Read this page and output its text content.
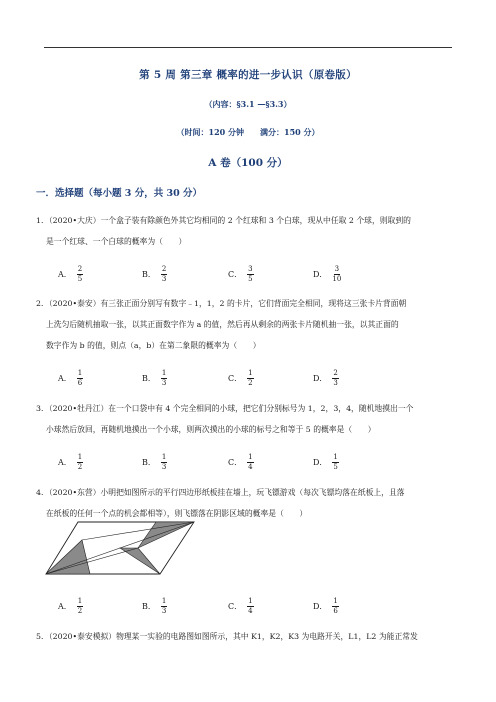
第 5 周 第三章 概率的进一步认识（原卷版）
（内容：§3.1 —§3.3）
（时间：120 分钟　　满分：150 分）
A 卷（100 分）
一．选择题（每小题 3 分，共 30 分）
1．（2020•大庆）一个盒子装有除颜色外其它均相同的 2 个红球和 3 个白球，现从中任取 2 个球，则取到的
是一个红球、一个白球的概率为（　　）
A． $\frac{2}{5}$	B． $\frac{2}{3}$	C． $\frac{3}{5}$	D． $\frac{3}{10}$
2．（2020•泰安）有三张正面分别写有数字﹣1，1，2 的卡片，它们背面完全相同，现将这三张卡片背面朝
上洗匀后随机抽取一张，以其正面数字作为 a 的值，然后再从剩余的两张卡片随机抽一张，以其正面的
数字作为 b 的值，则点（a，b）在第二象限的概率为（　　）
A． $\frac{1}{6}$	B． $\frac{1}{3}$	C． $\frac{1}{2}$	D． $\frac{2}{3}$
3．（2020•牡丹江）在一个口袋中有 4 个完全相同的小球，把它们分别标号为 1，2，3，4，随机地摸出一个
小球然后放回，再随机地摸出一个小球，则两次摸出的小球的标号之和等于 5 的概率是（　　）
A． $\frac{1}{2}$	B． $\frac{1}{3}$	C． $\frac{1}{4}$	D． $\frac{1}{5}$
4．（2020•东营）小明把如图所示的平行四边形纸板挂在墙上，玩飞镖游戏（每次飞镖均落在纸板上，且落
在纸板的任何一个点的机会都相等），则飞镖落在阴影区域的概率是（　　）
A． $\frac{1}{2}$	B． $\frac{1}{3}$	C． $\frac{1}{4}$	D． $\frac{1}{6}$
5．（2020•泰安模拟）物理某一实验的电路图如图所示，其中 K1，K2，K3 为电路开关，L1，L2 为能正常发
